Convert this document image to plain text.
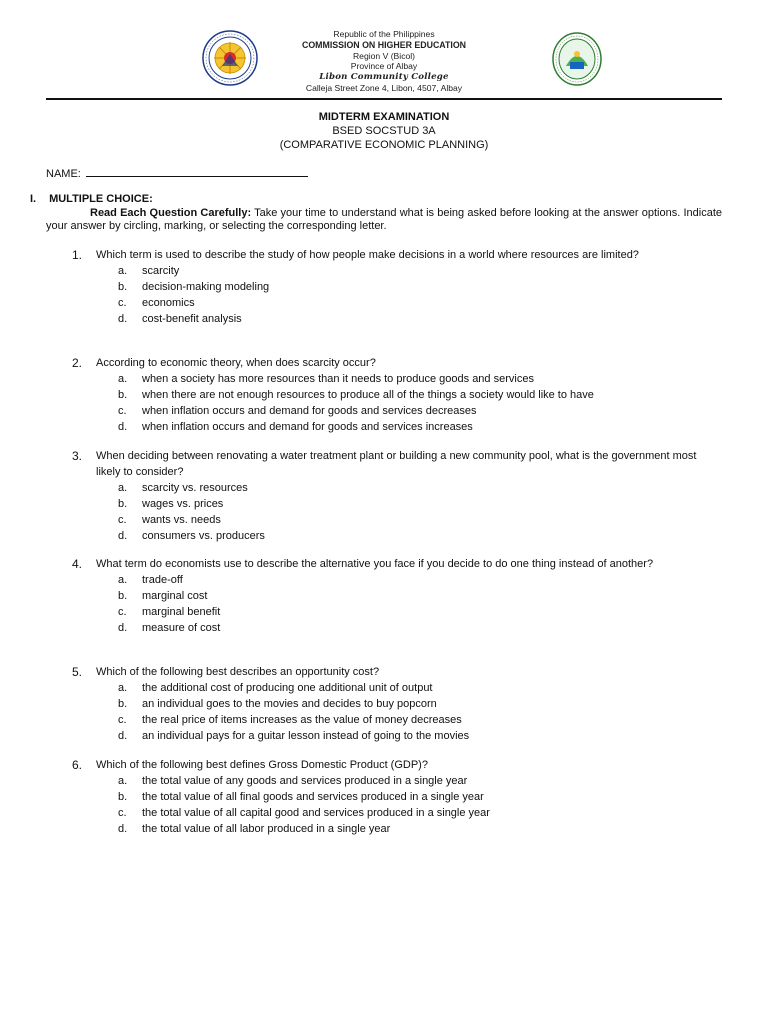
Republic of the Philippines
COMMISSION ON HIGHER EDUCATION
Region V (Bicol)
Province of Albay
Libon Community College
Calleja Street Zone 4, Libon, 4507, Albay
MIDTERM EXAMINATION
BSED SOCSTUD 3A
(COMPARATIVE ECONOMIC PLANNING)
NAME:
I. MULTIPLE CHOICE:
Read Each Question Carefully: Take your time to understand what is being asked before looking at the answer options. Indicate your answer by circling, marking, or selecting the corresponding letter.
1.	Which term is used to describe the study of how people make decisions in a world where resources are limited?
a.	scarcity
b.	decision-making modeling
c.	economics
d.	cost-benefit analysis
2.	According to economic theory, when does scarcity occur?
a.	when a society has more resources than it needs to produce goods and services
b.	when there are not enough resources to produce all of the things a society would like to have
c.	when inflation occurs and demand for goods and services decreases
d.	when inflation occurs and demand for goods and services increases
3.	When deciding between renovating a water treatment plant or building a new community pool, what is the government most likely to consider?
a.	scarcity vs. resources
b.	wages vs. prices
c.	wants vs. needs
d.	consumers vs. producers
4.	What term do economists use to describe the alternative you face if you decide to do one thing instead of another?
a.	trade-off
b.	marginal cost
c.	marginal benefit
d.	measure of cost
5.	Which of the following best describes an opportunity cost?
a.	the additional cost of producing one additional unit of output
b.	an individual goes to the movies and decides to buy popcorn
c.	the real price of items increases as the value of money decreases
d.	an individual pays for a guitar lesson instead of going to the movies
6.	Which of the following best defines Gross Domestic Product (GDP)?
a.	the total value of any goods and services produced in a single year
b.	the total value of all final goods and services produced in a single year
c.	the total value of all capital good and services produced in a single year
d.	the total value of all labor produced in a single year
